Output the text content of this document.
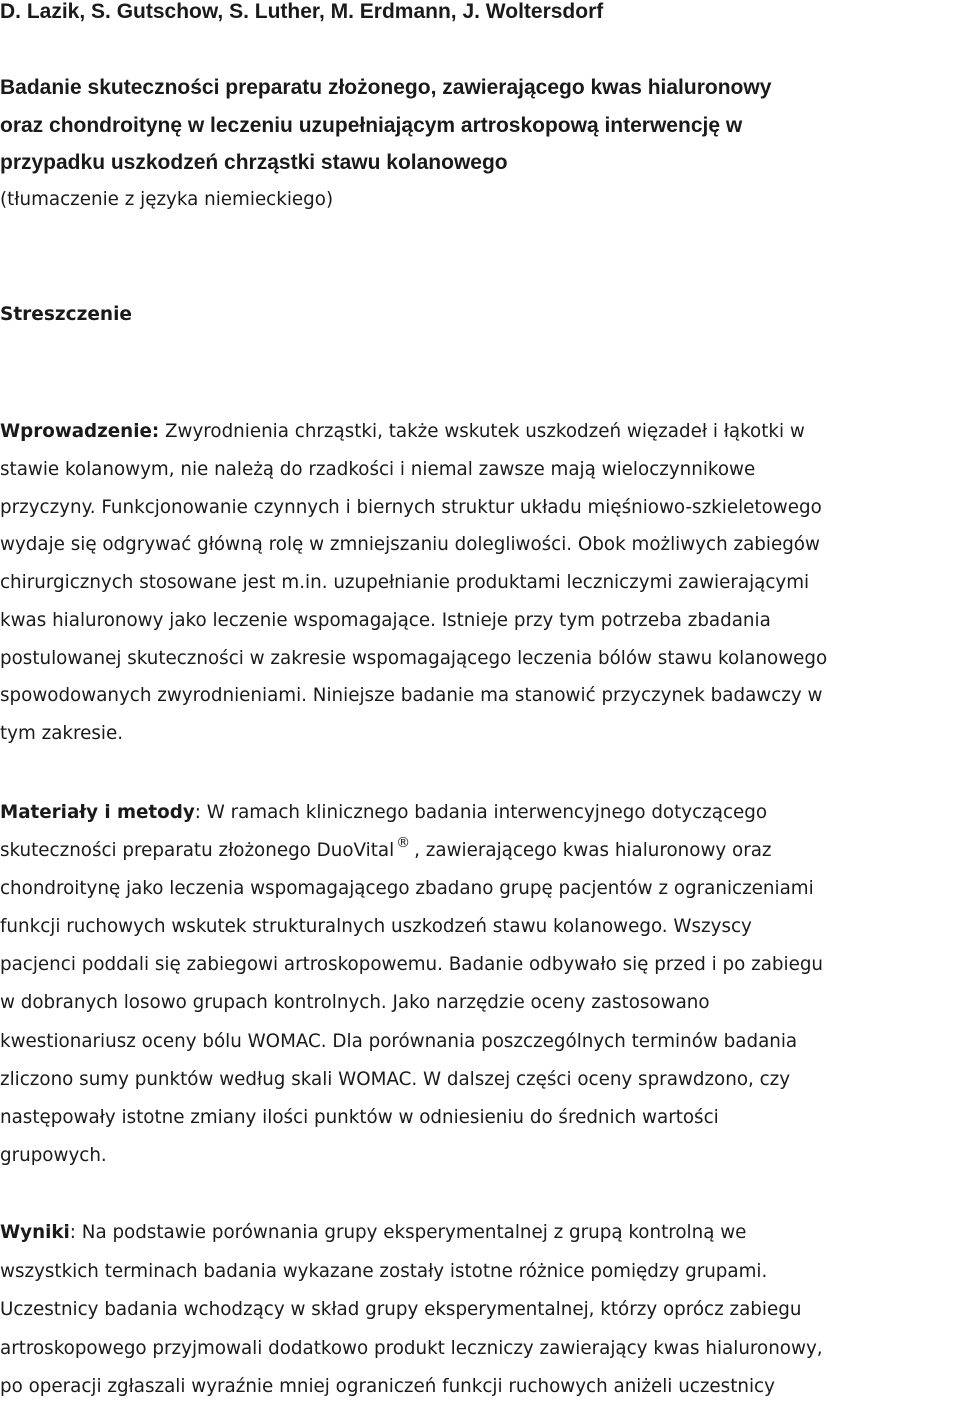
D. Lazik, S. Gutschow, S. Luther, M. Erdmann, J. Woltersdorf

Badanie skuteczności preparatu złożonego, zawierającego kwas hialuronowy
oraz chondroitynę w leczeniu uzupełniającym artroskopową interwencję w
przypadku uszkodzeń chrząstki stawu kolanowego

(tłumaczenie z języka niemieckiego)

Streszczenie
Wprowadzenie: Zwyrodnienia chrząstki, także wskutek uszkodzeń więzadeł i łąkotki w
stawie kolanowym, nie należą do rzadkości i niemal zawsze mają wieloczynnikowe
przyczyny. Funkcjonowanie czynnych i biernych struktur układu mięśniowo-szkieletowego
wydaje się odgrywać główną rolę w zmniejszaniu dolegliwości. Obok możliwych zabiegów
chirurgicznych stosowane jest m.in. uzupełnianie produktami leczniczymi zawierającymi
kwas hialuronowy jako leczenie wspomagające. Istnieje przy tym potrzeba zbadania
postulowanej skuteczności w zakresie wspomagającego leczenia bólów stawu kolanowego
spowodowanych zwyrodnieniami. Niniejsze badanie ma stanowić przyczynek badawczy w
tym zakresie.
Materiały i metody: W ramach klinicznego badania interwencyjnego dotyczącego
skuteczności preparatu złożonego DuoVital ® , zawierającego kwas hialuronowy oraz
chondroitynę jako leczenia wspomagającego zbadano grupę pacjentów z ograniczeniami
funkcji ruchowych wskutek strukturalnych uszkodzeń stawu kolanowego. Wszyscy
pacjenci poddali się zabiegowi artroskopowemu. Badanie odbywało się przed i po zabiegu
w dobranych losowo grupach kontrolnych. Jako narzędzie oceny zastosowano
kwestionariusz oceny bólu WOMAC. Dla porównania poszczególnych terminów badania
zliczono sumy punktów według skali WOMAC. W dalszej części oceny sprawdzono, czy
następowały istotne zmiany ilości punktów w odniesieniu do średnich wartości
grupowych.
Wyniki: Na podstawie porównania grupy eksperymentalnej z grupą kontrolną we
wszystkich terminach badania wykazane zostały istotne różnice pomiędzy grupami.
Uczestnicy badania wchodzący w skład grupy eksperymentalnej, którzy oprócz zabiegu
artroskopowego przyjmowali dodatkowo produkt leczniczy zawierający kwas hialuronowy,
po operacji zgłaszali wyraźnie mniej ograniczeń funkcji ruchowych aniżeli uczestnicy
